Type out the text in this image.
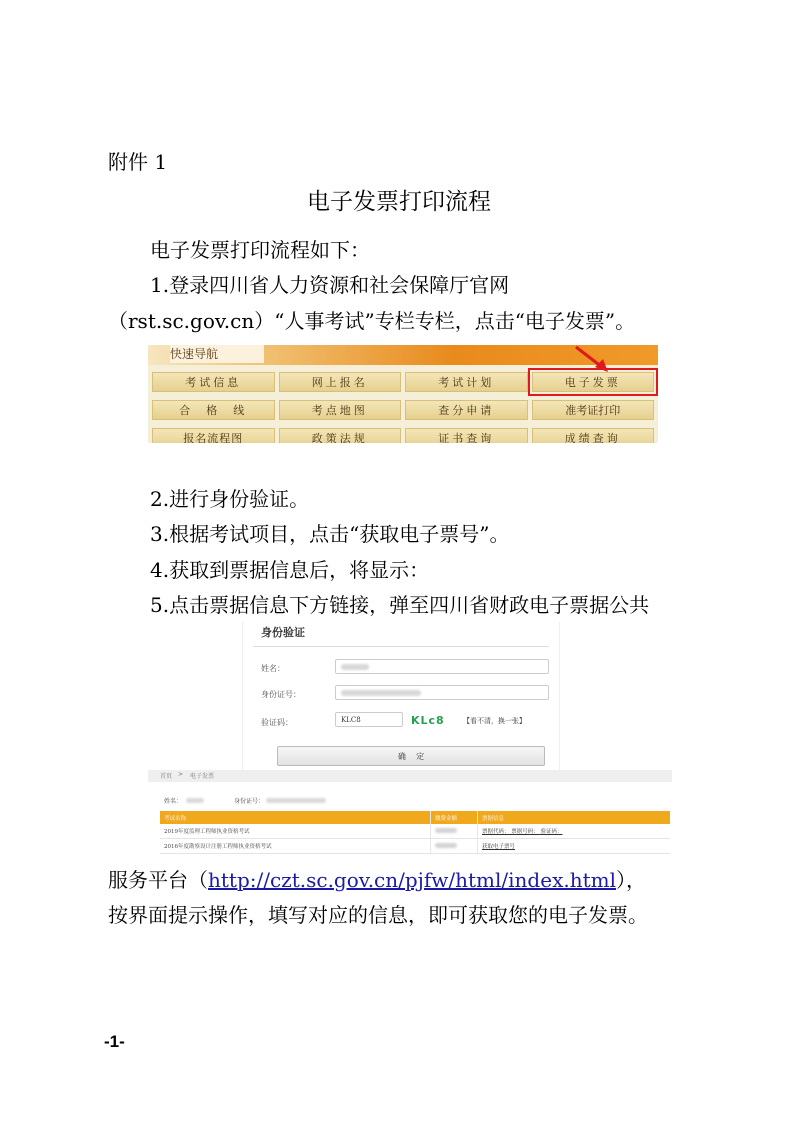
附件 1
电子发票打印流程
电子发票打印流程如下：
1.登录四川省人力资源和社会保障厅官网
（rst.sc.gov.cn）“人事考试”专栏专栏，点击“电子发票”。
快速导航
考试信息	网上报名	考试计划	电子发票
合  格  线	考点地图	查分申请	准考证打印
报名流程图	政策法规	证书查询	成绩查询
2.进行身份验证。
3.根据考试项目，点击“获取电子票号”。
4.获取到票据信息后，将显示：
5.点击票据信息下方链接，弹至四川省财政电子票据公共
身份验证
姓名：
身份证号：
验证码：	KLC8	KLc8	【看不清，换一张】
确    定
首页 > 电子发票
姓名：	身份证号：
考试名称	缴费金额	票据信息
2019年度监理工程师执业资格考试		票据代码： 票据号码： 验证码：
2016年度勘察设计注册工程师执业资格考试		获取电子票号
服务平台（http://czt.sc.gov.cn/pjfw/html/index.html），
按界面提示操作，填写对应的信息，即可获取您的电子发票。
-1-
